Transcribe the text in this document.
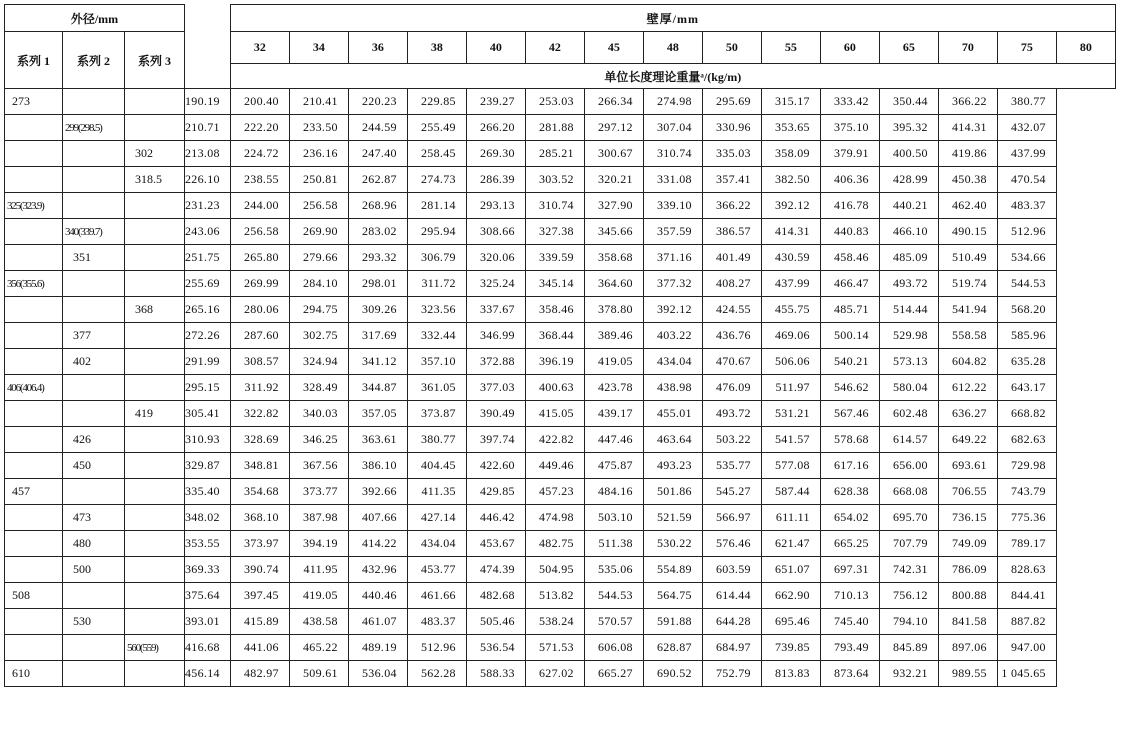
外径/mm				壁厚/mm														
系列 1	系列 2	系列 3		32	34	36	38	40	42	45	48	50	55	60	65	70	75	80
				单位长度理论重量ᵃ/(kg/m)														
273			190.19	200.40	210.41	220.23	229.85	239.27	253.03	266.34	274.98	295.69	315.17	333.42	350.44	366.22	380.77	
	299(298.5)		210.71	222.20	233.50	244.59	255.49	266.20	281.88	297.12	307.04	330.96	353.65	375.10	395.32	414.31	432.07	
		302	213.08	224.72	236.16	247.40	258.45	269.30	285.21	300.67	310.74	335.03	358.09	379.91	400.50	419.86	437.99	
		318.5	226.10	238.55	250.81	262.87	274.73	286.39	303.52	320.21	331.08	357.41	382.50	406.36	428.99	450.38	470.54	
325(323.9)			231.23	244.00	256.58	268.96	281.14	293.13	310.74	327.90	339.10	366.22	392.12	416.78	440.21	462.40	483.37	
	340(339.7)		243.06	256.58	269.90	283.02	295.94	308.66	327.38	345.66	357.59	386.57	414.31	440.83	466.10	490.15	512.96	
	351		251.75	265.80	279.66	293.32	306.79	320.06	339.59	358.68	371.16	401.49	430.59	458.46	485.09	510.49	534.66	
356(355.6)			255.69	269.99	284.10	298.01	311.72	325.24	345.14	364.60	377.32	408.27	437.99	466.47	493.72	519.74	544.53	
		368	265.16	280.06	294.75	309.26	323.56	337.67	358.46	378.80	392.12	424.55	455.75	485.71	514.44	541.94	568.20	
	377		272.26	287.60	302.75	317.69	332.44	346.99	368.44	389.46	403.22	436.76	469.06	500.14	529.98	558.58	585.96	
	402		291.99	308.57	324.94	341.12	357.10	372.88	396.19	419.05	434.04	470.67	506.06	540.21	573.13	604.82	635.28	
406(406.4)			295.15	311.92	328.49	344.87	361.05	377.03	400.63	423.78	438.98	476.09	511.97	546.62	580.04	612.22	643.17	
		419	305.41	322.82	340.03	357.05	373.87	390.49	415.05	439.17	455.01	493.72	531.21	567.46	602.48	636.27	668.82	
	426		310.93	328.69	346.25	363.61	380.77	397.74	422.82	447.46	463.64	503.22	541.57	578.68	614.57	649.22	682.63	
	450		329.87	348.81	367.56	386.10	404.45	422.60	449.46	475.87	493.23	535.77	577.08	617.16	656.00	693.61	729.98	
457			335.40	354.68	373.77	392.66	411.35	429.85	457.23	484.16	501.86	545.27	587.44	628.38	668.08	706.55	743.79	
	473		348.02	368.10	387.98	407.66	427.14	446.42	474.98	503.10	521.59	566.97	611.11	654.02	695.70	736.15	775.36	
	480		353.55	373.97	394.19	414.22	434.04	453.67	482.75	511.38	530.22	576.46	621.47	665.25	707.79	749.09	789.17	
	500		369.33	390.74	411.95	432.96	453.77	474.39	504.95	535.06	554.89	603.59	651.07	697.31	742.31	786.09	828.63	
508			375.64	397.45	419.05	440.46	461.66	482.68	513.82	544.53	564.75	614.44	662.90	710.13	756.12	800.88	844.41	
	530		393.01	415.89	438.58	461.07	483.37	505.46	538.24	570.57	591.88	644.28	695.46	745.40	794.10	841.58	887.82	
		560(559)	416.68	441.06	465.22	489.19	512.96	536.54	571.53	606.08	628.87	684.97	739.85	793.49	845.89	897.06	947.00	
610			456.14	482.97	509.61	536.04	562.28	588.33	627.02	665.27	690.52	752.79	813.83	873.64	932.21	989.55	1 045.65	
